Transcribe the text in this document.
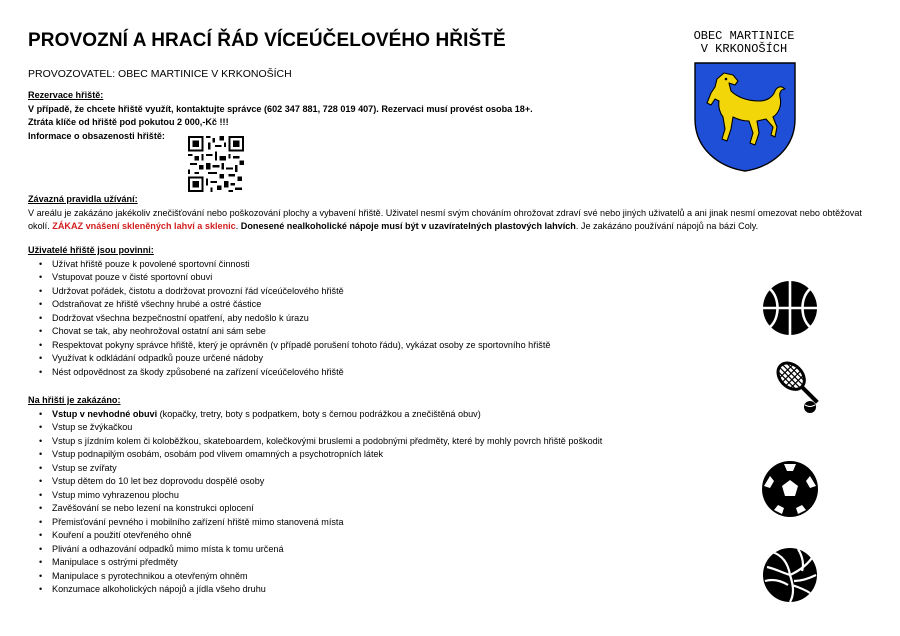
PROVOZNÍ A HRACÍ ŘÁD VÍCEÚČELOVÉHO HŘIŠTĚ
PROVOZOVATEL: OBEC MARTINICE V KRKONOŠÍCH
OBEC MARTINICE
V KRKONOŠÍCH
Rezervace hřiště:
V případě, že chcete hřiště využít, kontaktujte správce (602 347 881, 728 019 407). Rezervaci musí provést osoba 18+.
Ztráta klíče od hřiště pod pokutou 2 000,-Kč !!!
Informace o obsazenosti hřiště:
Závazná pravidla užívání:
V areálu je zakázáno jakékoliv znečišťování nebo poškozování plochy a vybavení hřiště. Uživatel nesmí svým chováním ohrožovat zdraví své nebo jiných uživatelů a ani jinak nesmí omezovat nebo obtěžovat okolí. ZÁKAZ vnášení skleněných lahví a sklenic. Donesené nealkoholické nápoje musí být v uzavíratelných plastových lahvích. Je zakázáno používání nápojů na bázi Coly.
Uživatelé hřiště jsou povinni:
• Užívat hřiště pouze k povolené sportovní činnosti
• Vstupovat pouze v čisté sportovní obuvi
• Udržovat pořádek, čistotu a dodržovat provozní řád víceúčelového hřiště
• Odstraňovat ze hřiště všechny hrubé a ostré částice
• Dodržovat všechna bezpečnostní opatření, aby nedošlo k úrazu
• Chovat se tak, aby neohrožoval ostatní ani sám sebe
• Respektovat pokyny správce hřiště, který je oprávněn (v případě porušení tohoto řádu), vykázat osoby ze sportovního hřiště
• Využívat k odkládání odpadků pouze určené nádoby
• Nést odpovědnost za škody způsobené na zařízení víceúčelového hřiště
Na hřišti je zakázáno:
• Vstup v nevhodné obuvi (kopačky, tretry, boty s podpatkem, boty s černou podrážkou a znečištěná obuv)
• Vstup se žvýkačkou
• Vstup s jízdním kolem či koloběžkou, skateboardem, kolečkovými bruslemi a podobnými předměty, které by mohly povrch hřiště poškodit
• Vstup podnapilým osobám, osobám pod vlivem omamných a psychotropních látek
• Vstup se zvířaty
• Vstup dětem do 10 let bez doprovodu dospělé osoby
• Vstup mimo vyhrazenou plochu
• Zavěšování se nebo lezení na konstrukci oplocení
• Přemisťování pevného i mobilního zařízení hřiště mimo stanovená místa
• Kouření a použití otevřeného ohně
• Plivání a odhazování odpadků mimo místa k tomu určená
• Manipulace s ostrými předměty
• Manipulace s pyrotechnikou a otevřeným ohněm
• Konzumace alkoholických nápojů a jídla všeho druhu
